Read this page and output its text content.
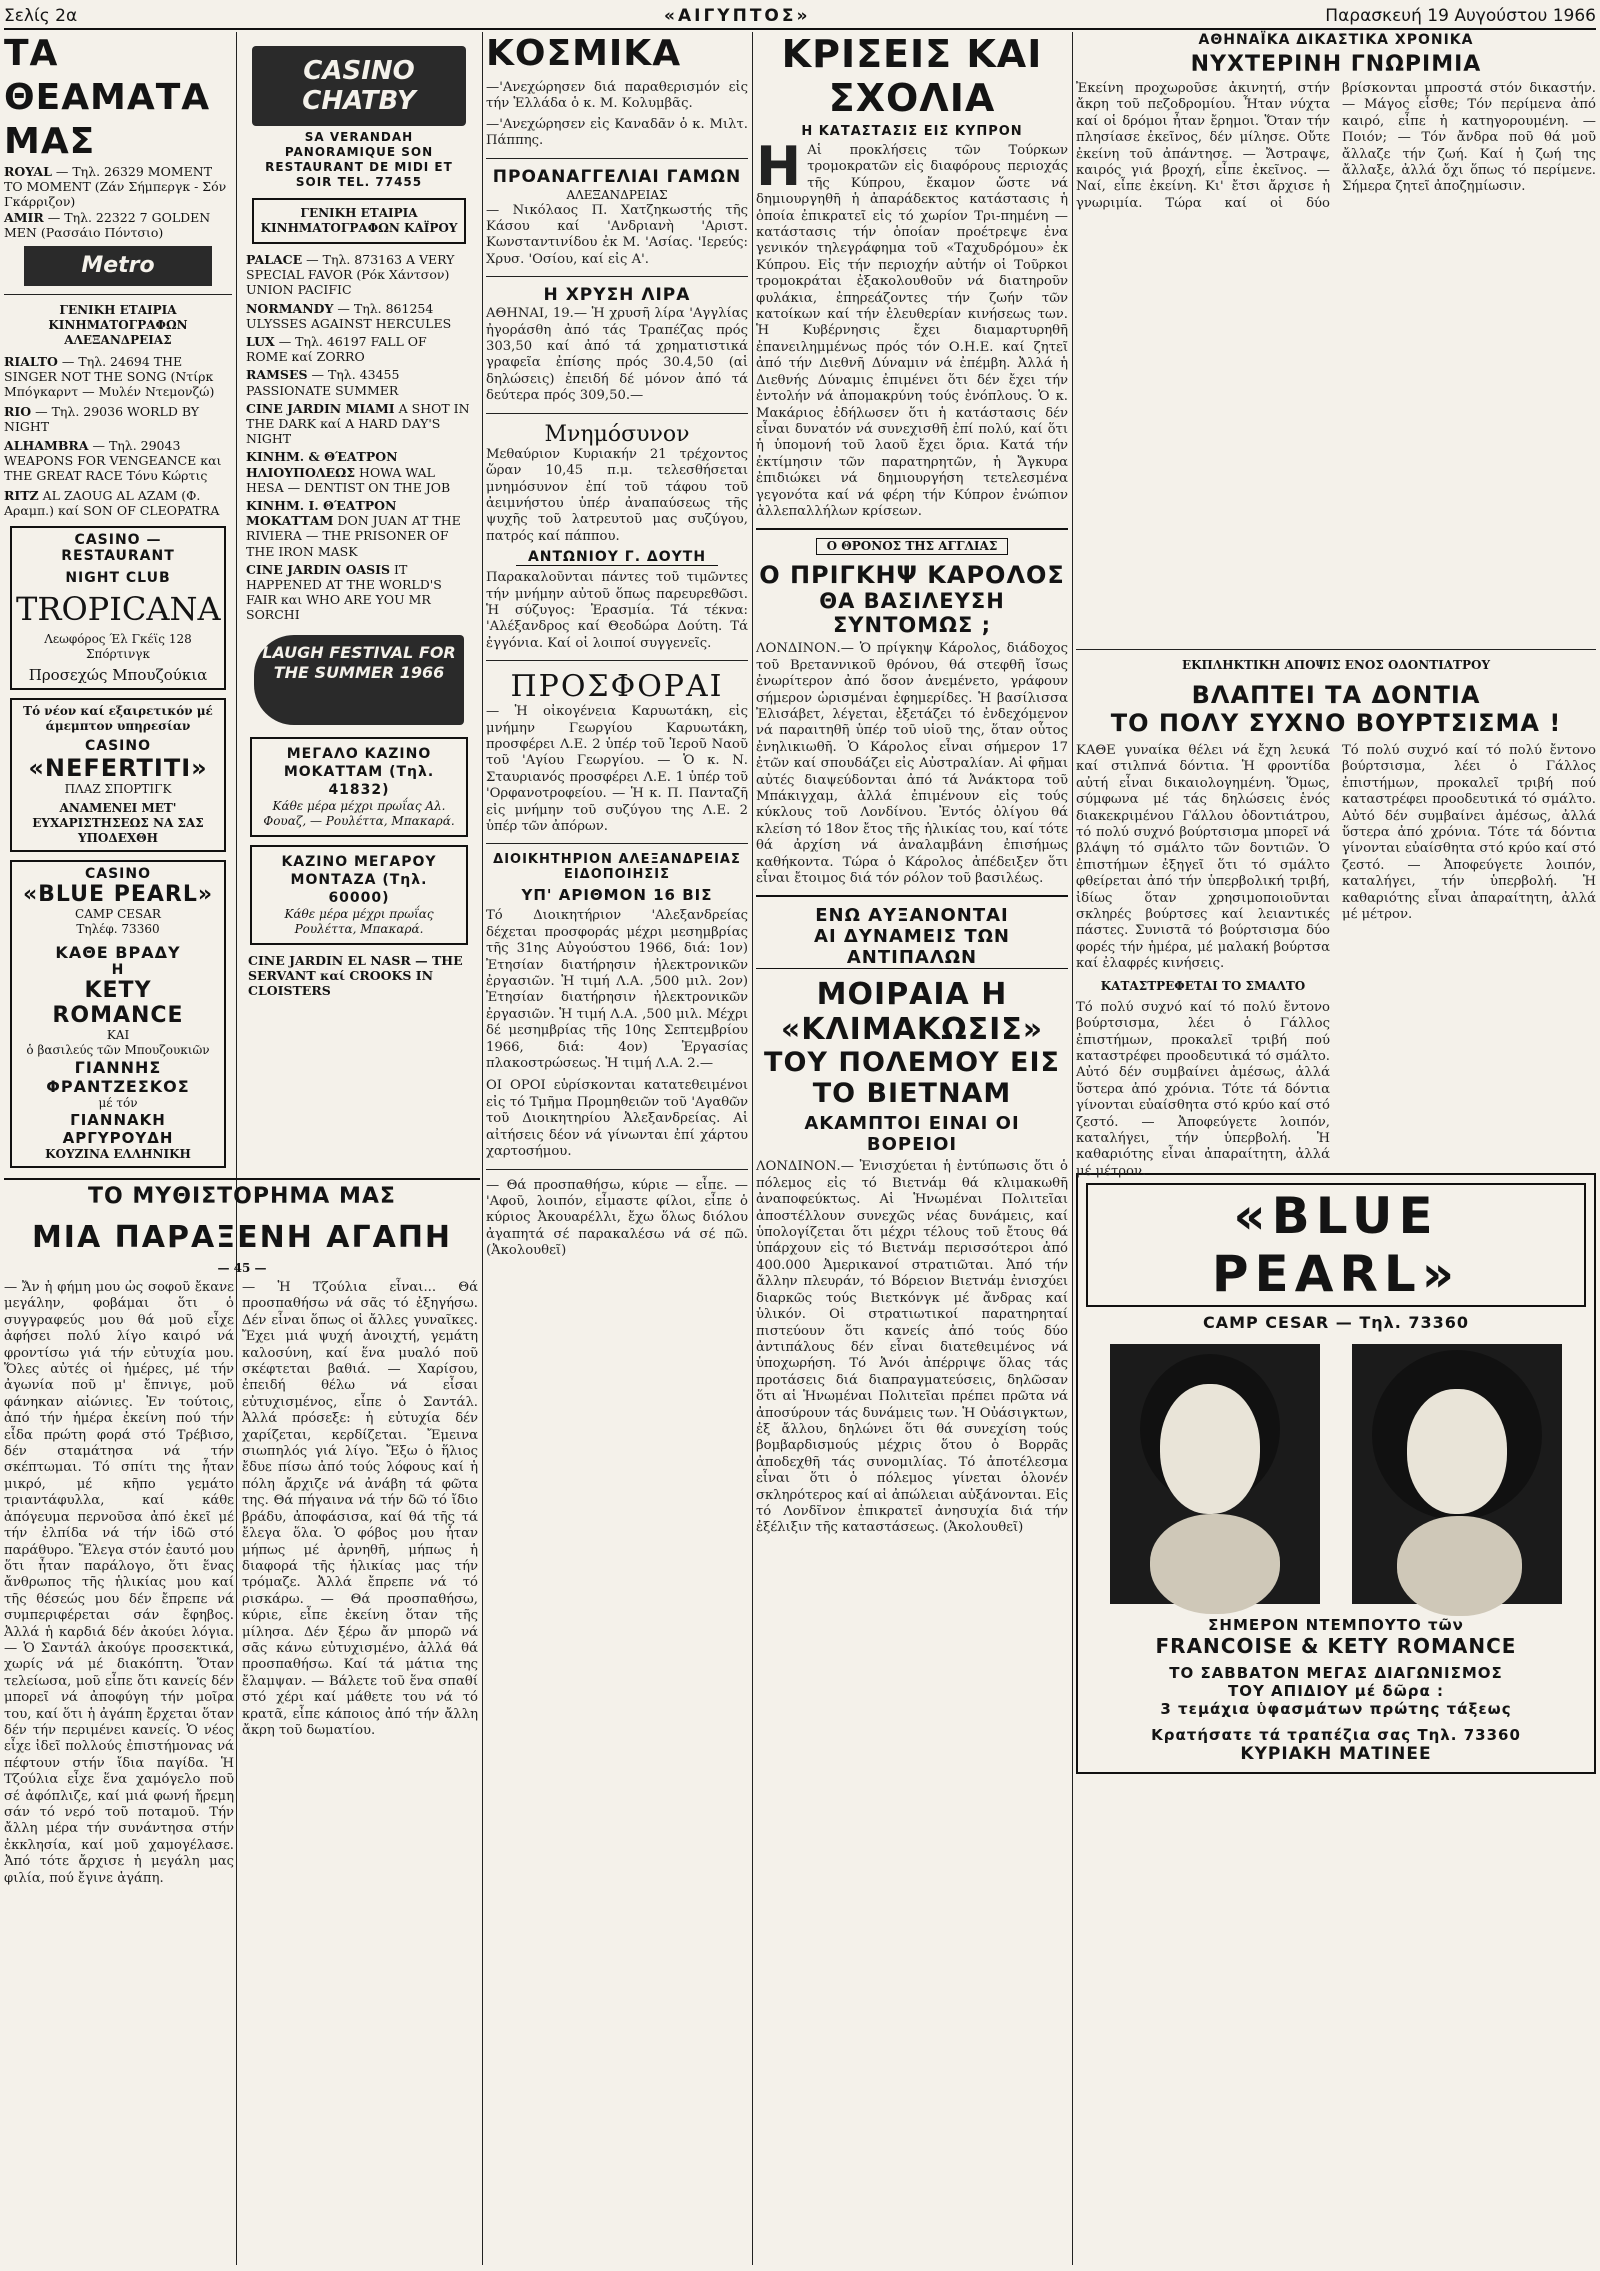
Σελίς 2α	«ΑΙΓΥΠΤΟΣ»	Παρασκευή 19 Αυγούστου 1966
ΤΑ ΘΕΑΜΑΤΑ ΜΑΣ
ROYAL — Τηλ. 26329 MOMENT TO MOMENT (Ζάν Σήμπεργκ - Σόν Γκάρριζον)
AMIR — Τηλ. 22322 7 GOLDEN MEN (Ρασσάιο Πόντσιο)
Metro
ΓΕΝΙΚΗ ΕΤΑΙΡΙΑ ΚΙΝΗΜΑΤΟΓΡΑΦΩΝ ΑΛΕΞΑΝΔΡΕΙΑΣ
RIALTO — Τηλ. 24694 THE SINGER NOT THE SONG (Ντίρκ Μπόγκαρντ — Μυλέν Ντεμονζώ)
RIO — Τηλ. 29036 WORLD BY NIGHT
ALHAMBRA — Τηλ. 29043 WEAPONS FOR VENGEANCE και THE GREAT RACE Τόνυ Κώρτις
RITZ AL ZAOUG AL AZAM (Φ. Αραμπ.) καί SON OF CLEOPATRA
CASINO — RESTAURANT
NIGHT CLUB
TROPICANA
Λεωφόρος Έλ Γκέϊς 128 Σπόρτινγκ
Προσεχώς Μπουζούκια
Τό νέον καί εξαιρετικόν μέ άμεμπτον υπηρεσίαν
CASINO
«NEFERTITI»
ΠΛΑΖ ΣΠΟΡΤΙΓΚ
ΑΝΑΜΕΝΕΙ ΜΕΤ' ΕΥΧΑΡΙΣΤΗΣΕΩΣ ΝΑ ΣΑΣ ΥΠΟΔΕΧΘΗ
CASINO
«BLUE PEARL»
CAMP CESAR
Τηλέφ. 73360
ΚΑΘΕ ΒΡΑΔΥ
Η
KETY ROMANCE
ΚΑΙ
ὁ βασιλεύς τῶν Μπουζουκιῶν
ΓΙΑΝΝΗΣ ΦΡΑΝΤΖΕΣΚΟΣ
μέ τόν
ΓΙΑΝΝΑΚΗ ΑΡΓΥΡΟΥΔΗ
ΚΟΥΖΙΝΑ ΕΛΛΗΝΙΚΗ
CASINO CHATBY
SA VERANDAH PANORAMIQUE SON RESTAURANT DE MIDI ET SOIR TEL. 77455
ΓΕΝΙΚΗ ΕΤΑΙΡΙΑ ΚΙΝΗΜΑΤΟΓΡΑΦΩΝ ΚΑΪΡΟΥ
PALACE — Τηλ. 873163 A VERY SPECIAL FAVOR (Ρόκ Χάντσον) UNION PACIFIC
NORMANDY — Τηλ. 861254 ULYSSES AGAINST HERCULES
LUX — Τηλ. 46197 FALL OF ROME καί ZORRO
RAMSES — Τηλ. 43455 PASSIONATE SUMMER
CINE JARDIN MIAMI A SHOT IN THE DARK καί A HARD DAY'S NIGHT
ΚΙΝΗΜ. & ΘΈΑΤΡΟΝ ΗΛΙΟΥΠΟΛΕΩΣ HOWA WAL HESA — DENTIST ON THE JOB
ΚΙΝΗΜ. Ι. ΘΈΑΤΡΟΝ ΜΟΚΑΤΤΑΜ DON JUAN AT THE RIVIERA — THE PRISONER OF THE IRON MASK
CINE JARDIN OASIS IT HAPPENED AT THE WORLD'S FAIR και WHO ARE YOU MR SORCHI
LAUGH FESTIVAL FOR THE SUMMER 1966
ΜΕΓΑΛΟ ΚΑΖΙΝΟ ΜΟΚΑΤΤΑΜ (Τηλ. 41832)
Κάθε μέρα μέχρι πρωΐας Αλ. Φουαζ, — Ρουλέττα, Μπακαρά.
ΚΑΖΙΝΟ ΜΕΓΑΡΟΥ ΜΟΝΤΑΖΑ (Τηλ. 60000)
Κάθε μέρα μέχρι πρωΐας Ρουλέττα, Μπακαρά.
CINE JARDIN EL NASR — THE SERVANT καί CROOKS IN CLOISTERS
ΤΟ ΜΥΘΙΣΤΟΡΗΜΑ ΜΑΣ
ΜΙΑ ΠΑΡΑΞΕΝΗ ΑΓΑΠΗ
— 45 —
— Ἄν ἡ φήμη μου ὡς σοφοῦ ἔκανε μεγάλην, φοβάμαι ὅτι ὁ συγγραφεύς μου θά μοῦ εἶχε ἀφήσει πολύ λίγο καιρό νά φροντίσω γιά τήν εὐτυχία μου. Ὅλες αὐτές οἱ ἡμέρες, μέ τήν ἀγωνία ποῦ μ' ἔπνιγε, μοῦ φάνηκαν αἰώνιες. Ἐν τούτοις, ἀπό τήν ἡμέρα ἐκείνη πού τήν εἶδα πρώτη φορά στό Τρέβισο, δέν σταμάτησα νά τήν σκέπτωμαι. Τό σπίτι της ἦταν μικρό, μέ κῆπο γεμάτο τριαντάφυλλα, καί κάθε ἀπόγευμα περνοῦσα ἀπό ἐκεῖ μέ τήν ἐλπίδα νά τήν ἰδῶ στό παράθυρο. Ἔλεγα στόν ἑαυτό μου ὅτι ἦταν παράλογο, ὅτι ἕνας ἄνθρωπος τῆς ἡλικίας μου καί τῆς θέσεώς μου δέν ἔπρεπε νά συμπεριφέρεται σάν ἔφηβος. Ἀλλά ἡ καρδιά δέν ἀκούει λόγια. — Ὁ Σαντάλ ἀκούγε προσεκτικά, χωρίς νά μέ διακόπτη. Ὅταν τελείωσα, μοῦ εἶπε ὅτι κανείς δέν μπορεῖ νά ἀποφύγη τήν μοῖρα του, καί ὅτι ἡ ἀγάπη ἔρχεται ὅταν δέν τήν περιμένει κανείς. Ὁ νέος εἶχε ἰδεῖ πολλούς ἐπιστήμονας νά πέφτουν στήν ἴδια παγίδα. Ἡ Τζούλια εἶχε ἕνα χαμόγελο ποῦ σέ ἀφόπλιζε, καί μιά φωνή ἤρεμη σάν τό νερό τοῦ ποταμοῦ. Τήν ἄλλη μέρα τήν συνάντησα στήν ἐκκλησία, καί μοῦ χαμογέλασε. Ἀπό τότε ἄρχισε ἡ μεγάλη μας φιλία, πού ἔγινε ἀγάπη.
— Ἡ Τζούλια εἶναι... Θά προσπαθήσω νά σᾶς τό ἐξηγήσω. Δέν εἶναι ὅπως οἱ ἄλλες γυναῖκες. Ἔχει μιά ψυχή ἀνοιχτή, γεμάτη καλοσύνη, καί ἕνα μυαλό ποῦ σκέφτεται βαθιά. — Χαρίσου, ἐπειδή θέλω νά εἶσαι εὐτυχισμένος, εἶπε ὁ Σαντάλ. Ἀλλά πρόσεξε: ἡ εὐτυχία δέν χαρίζεται, κερδίζεται. Ἔμεινα σιωπηλός γιά λίγο. Ἔξω ὁ ἥλιος ἔδυε πίσω ἀπό τούς λόφους καί ἡ πόλη ἄρχιζε νά ἀνάβη τά φῶτα της. Θά πήγαινα νά τήν δῶ τό ἴδιο βράδυ, ἀποφάσισα, καί θά τῆς τά ἔλεγα ὅλα. Ὁ φόβος μου ἦταν μήπως μέ ἀρνηθῆ, μήπως ἡ διαφορά τῆς ἡλικίας μας τήν τρόμαζε. Ἀλλά ἔπρεπε νά τό ρισκάρω. — Θά προσπαθήσω, κύριε, εἶπε ἐκείνη ὅταν τῆς μίλησα. Δέν ξέρω ἄν μπορῶ νά σᾶς κάνω εὐτυχισμένο, ἀλλά θά προσπαθήσω. Καί τά μάτια της ἔλαμψαν. — Βάλετε τοῦ ἕνα σπαθί στό χέρι καί μάθετε του νά τό κρατᾶ, εἶπε κάποιος ἀπό τήν ἄλλη ἄκρη τοῦ δωματίου.
ΚΟΣΜΙΚΑ
—'Ανεχώρησεν διά παραθερισμόν εἰς τήν Ἑλλάδα ὁ κ. Μ. Κολυμβᾶς.
—'Ανεχώρησεν εἰς Καναδᾶν ὁ κ. Μιλτ. Πάππης.
ΠΡΟΑΝΑΓΓΕΛΙΑΙ ΓΑΜΩΝ
ΑΛΕΞΑΝΔΡΕΙΑΣ
— Νικόλαος Π. Χατζηκωστής τῆς Κάσου καί 'Ανδριανὴ 'Αριστ. Κωνσταντινίδου ἐκ Μ. 'Ασίας. 'Ιερεύς: Χρυσ. 'Οσίου, καί εἰς Α'.
Η ΧΡΥΣΗ ΛΙΡΑ
ΑΘΗΝΑΙ, 19.— Ἡ χρυσῆ λίρα 'Αγγλίας ἠγοράσθη ἀπό τάς Τραπέζας πρός 303,50 καί ἀπό τά χρηματιστικά γραφεῖα ἐπίσης πρός 30.4,50 (αἱ δηλώσεις) ἐπειδή δέ μόνον ἀπό τά δεύτερα πρός 309,50.—
Μνημόσυνον
Μεθαύριον Κυριακήν 21 τρέχοντος ὥραν 10,45 π.μ. τελεσθήσεται μνημόσυνον ἐπί τοῦ τάφου τοῦ ἀειμνήστου ὑπέρ ἀναπαύσεως τῆς ψυχῆς τοῦ λατρευτοῦ μας συζύγου, πατρός καί πάππου.
ΑΝΤΩΝΙΟΥ Γ. ΔΟΥΤΗ
Παρακαλοῦνται πάντες τοῦ τιμῶντες τήν μνήμην αὐτοῦ ὅπως παρευρεθῶσι. Ἡ σύζυγος: Ἐρασμία. Τά τέκνα: 'Αλέξανδρος καί Θεοδώρα Δούτη. Τά ἐγγόνια. Καί οἱ λοιποί συγγενεῖς.
ΠΡΟΣΦΟΡΑΙ
— Ἡ οἰκογένεια Καρυωτάκη, εἰς μνήμην Γεωργίου Καρυωτάκη, προσφέρει Λ.Ε. 2 ὑπέρ τοῦ Ἱεροῦ Ναοῦ τοῦ 'Αγίου Γεωργίου. — Ὁ κ. Ν. Σταυριανός προσφέρει Λ.Ε. 1 ὑπέρ τοῦ 'Ορφανοτροφείου. — Ἡ κ. Π. Πανταζῆ εἰς μνήμην τοῦ συζύγου της Λ.Ε. 2 ὑπέρ τῶν ἀπόρων.
ΔΙΟΙΚΗΤΗΡΙΟΝ ΑΛΕΞΑΝΔΡΕΙΑΣ
ΕΙΔΟΠΟΙΗΣΙΣ
ΥΠ' ΑΡΙΘΜΟΝ 16 ΒΙΣ
Τό Διοικητήριον 'Αλεξανδρείας δέχεται προσφοράς μέχρι μεσημβρίας τῆς 31ης Αὐγούστου 1966, διά: 1ον) Ἐτησίαν διατήρησιν ἠλεκτρονικῶν ἐργασιῶν. Ἡ τιμή Λ.Α. ,500 μιλ. 2ον) Ἐτησίαν διατήρησιν ἠλεκτρονικῶν ἐργασιῶν. Ἡ τιμή Λ.Α. ,500 μιλ. Μέχρι δέ μεσημβρίας τῆς 10ης Σεπτεμβρίου 1966, διά: 4ον) Ἐργασίας πλακοστρώσεως. Ἡ τιμή Λ.Α. 2.—
ΟΙ ΟΡΟΙ εὑρίσκονται κατατεθειμένοι εἰς τό Τμῆμα Προμηθειῶν τοῦ 'Αγαθῶν τοῦ Διοικητηρίου Ἀλεξανδρείας. Αἱ αἰτήσεις δέον νά γίνωνται ἐπί χάρτου χαρτοσήμου.
— Θά προσπαθήσω, κύριε — εἶπε. — 'Αφοῦ, λοιπόν, εἶμαστε φίλοι, εἶπε ὁ κύριος Ἀκουαρέλλι, ἔχω ὅλως διόλου ἀγαπητά σέ παρακαλέσω νά σέ πῶ. (Ἀκολουθεῖ)
ΚΡΙΣΕΙΣ ΚΑΙ ΣΧΟΛΙΑ
Η ΚΑΤΑΣΤΑΣΙΣ ΕΙΣ ΚΥΠΡΟΝ
Η Αἱ προκλήσεις τῶν Τούρκων τρομοκρατῶν εἰς διαφόρους περιοχάς τῆς Κύπρου, ἔκαμον ὥστε νά δημιουργηθῆ ἡ ἀπαράδεκτος κατάστασις ἡ ὁποία ἐπικρατεῖ εἰς τό χωρίον Τρι-πημένη — κατάστασις τήν ὁποίαν προέτρεψε ἐνα γενικόν τηλεγράφημα τοῦ «Ταχυδρόμου» ἐκ Κύπρου. Εἰς τήν περιοχήν αὐτήν οἱ Τοῦρκοι τρομοκράται ἐξακολουθοῦν νά διατηροῦν φυλάκια, ἐπηρεάζοντες τήν ζωήν τῶν κατοίκων καί τήν ἐλευθερίαν κινήσεως των. Ἡ Κυβέρνησις ἔχει διαμαρτυρηθῆ ἐπανειλημμένως πρός τόν Ο.Η.Ε. καί ζητεῖ ἀπό τήν Διεθνῆ Δύναμιν νά ἐπέμβη. Ἀλλά ἡ Διεθνής Δύναμις ἐπιμένει ὅτι δέν ἔχει τήν ἐντολήν νά ἀπομακρύνη τούς ἐνόπλους. Ὁ κ. Μακάριος ἐδήλωσεν ὅτι ἡ κατάστασις δέν εἶναι δυνατόν νά συνεχισθῆ ἐπί πολύ, καί ὅτι ἡ ὑπομονή τοῦ λαοῦ ἔχει ὅρια. Κατά τήν ἐκτίμησιν τῶν παρατηρητῶν, ἡ Ἄγκυρα ἐπιδιώκει νά δημιουργήση τετελεσμένα γεγονότα καί νά φέρη τήν Κύπρον ἐνώπιον ἀλλεπαλλήλων κρίσεων.
Ο ΘΡΟΝΟΣ ΤΗΣ ΑΓΓΛΙΑΣ
Ο ΠΡΙΓΚΗΨ ΚΑΡΟΛΟΣ
ΘΑ ΒΑΣΙΛΕΥΣΗ ΣΥΝΤΟΜΩΣ ;
ΛΟΝΔΙΝΟΝ.— Ὁ πρίγκηψ Κάρολος, διάδοχος τοῦ Βρεταννικοῦ θρόνου, θά στεφθῆ ἴσως ἐνωρίτερον ἀπό ὅσον ἀνεμένετο, γράφουν σήμερον ὡρισμέναι ἐφημερίδες. Ἡ βασίλισσα Ἐλισάβετ, λέγεται, ἐξετάζει τό ἐνδεχόμενον νά παραιτηθῆ ὑπέρ τοῦ υἱοῦ της, ὅταν οὗτος ἐνηλικιωθῆ. Ὁ Κάρολος εἶναι σήμερον 17 ἐτῶν καί σπουδάζει εἰς Αὐστραλίαν. Αἱ φῆμαι αὐτές διαψεύδονται ἀπό τά Ἀνάκτορα τοῦ Μπάκιγχαμ, ἀλλά ἐπιμένουν εἰς τούς κύκλους τοῦ Λονδίνου. Ἐντός ὀλίγου θά κλείση τό 18ον ἔτος τῆς ἡλικίας του, καί τότε θά ἀρχίση νά ἀναλαμβάνη ἐπισήμως καθήκοντα. Τώρα ὁ Κάρολος ἀπέδειξεν ὅτι εἶναι ἔτοιμος διά τόν ρόλον τοῦ βασιλέως.
ΕΝΩ ΑΥΞΑΝΟΝΤΑΙ
ΑΙ ΔΥΝΑΜΕΙΣ ΤΩΝ ΑΝΤΙΠΑΛΩΝ
ΜΟΙΡΑΙΑ Η «ΚΛΙΜΑΚΩΣΙΣ»
ΤΟΥ ΠΟΛΕΜΟΥ ΕΙΣ ΤΟ ΒΙΕΤΝΑΜ
ΑΚΑΜΠΤΟΙ ΕΙΝΑΙ ΟΙ ΒΟΡΕΙΟΙ
ΛΟΝΔΙΝΟΝ.— Ἐνισχύεται ἡ ἐντύπωσις ὅτι ὁ πόλεμος εἰς τό Βιετνάμ θά κλιμακωθῆ ἀναποφεύκτως. Αἱ Ἡνωμέναι Πολιτεῖαι ἀποστέλλουν συνεχῶς νέας δυνάμεις, καί ὑπολογίζεται ὅτι μέχρι τέλους τοῦ ἔτους θά ὑπάρχουν εἰς τό Βιετνάμ περισσότεροι ἀπό 400.000 Ἀμερικανοί στρατιῶται. Ἀπό τήν ἄλλην πλευράν, τό Βόρειον Βιετνάμ ἐνισχύει διαρκῶς τούς Βιετκόνγκ μέ ἄνδρας καί ὑλικόν. Οἱ στρατιωτικοί παρατηρηταί πιστεύουν ὅτι κανείς ἀπό τούς δύο ἀντιπάλους δέν εἶναι διατεθειμένος νά ὑποχωρήση. Τό Ἀνόι ἀπέρριψε ὅλας τάς προτάσεις διά διαπραγματεύσεις, δηλῶσαν ὅτι αἱ Ἡνωμέναι Πολιτεῖαι πρέπει πρῶτα νά ἀποσύρουν τάς δυνάμεις των. Ἡ Οὐάσιγκτων, ἐξ ἄλλου, δηλώνει ὅτι θά συνεχίση τούς βομβαρδισμούς μέχρις ὅτου ὁ Βορρᾶς ἀποδεχθῆ τάς συνομιλίας. Τό ἀποτέλεσμα εἶναι ὅτι ὁ πόλεμος γίνεται ὁλονέν σκληρότερος καί αἱ ἀπώλειαι αὐξάνονται. Εἰς τό Λονδῖνον ἐπικρατεῖ ἀνησυχία διά τήν ἐξέλιξιν τῆς καταστάσεως. (Ἀκολουθεῖ)
ΑΘΗΝΑΪΚΑ ΔΙΚΑΣΤΙΚΑ ΧΡΟΝΙΚΑ
ΝΥΧΤΕΡΙΝΗ ΓΝΩΡΙΜΙΑ
Ἐκείνη προχωροῦσε ἀκινητή, στήν ἄκρη τοῦ πεζοδρομίου. Ἦταν νύχτα καί οἱ δρόμοι ἦταν ἔρημοι. Ὅταν τήν πλησίασε ἐκεῖνος, δέν μίλησε. Οὔτε ἐκείνη τοῦ ἀπάντησε. — Ἄστραψε, καιρός γιά βροχή, εἶπε ἐκεῖνος. — Ναί, εἶπε ἐκείνη. Κι' ἔτσι ἄρχισε ἡ γνωριμία. Τώρα καί οἱ δύο βρίσκονται μπροστά στόν δικαστήν. — Μάγος εἶσθε; Τόν περίμενα ἀπό καιρό, εἶπε ἡ κατηγορουμένη. — Ποιόν; — Τόν ἄνδρα ποῦ θά μοῦ ἄλλαζε τήν ζωή. Καί ἡ ζωή της ἄλλαξε, ἀλλά ὄχι ὅπως τό περίμενε. Σήμερα ζητεῖ ἀποζημίωσιν.
ΕΚΠΛΗΚΤΙΚΗ ΑΠΟΨΙΣ ΕΝΟΣ ΟΔΟΝΤΙΑΤΡΟΥ
ΒΛΑΠΤΕΙ ΤΑ ΔΟΝΤΙΑ
ΤΟ ΠΟΛΥ ΣΥΧΝΟ ΒΟΥΡΤΣΙΣΜΑ !
ΚΑΘΕ γυναίκα θέλει νά ἔχη λευκά καί στιλπνά δόντια. Ἡ φροντίδα αὐτή εἶναι δικαιολογημένη. Ὅμως, σύμφωνα μέ τάς δηλώσεις ἑνός διακεκριμένου Γάλλου ὀδοντιάτρου, τό πολύ συχνό βούρτσισμα μπορεῖ νά βλάψη τό σμάλτο τῶν δοντιῶν. Ὁ ἐπιστήμων ἐξηγεῖ ὅτι τό σμάλτο φθείρεται ἀπό τήν ὑπερβολική τριβή, ἰδίως ὅταν χρησιμοποιοῦνται σκληρές βούρτσες καί λειαντικές πάστες. Συνιστᾶ τό βούρτσισμα δύο φορές τήν ἡμέρα, μέ μαλακή βούρτσα καί ἐλαφρές κινήσεις.
ΚΑΤΑΣΤΡΕΦΕΤΑΙ ΤΟ ΣΜΑΛΤΟ
Τό πολύ συχνό καί τό πολύ ἔντονο βούρτσισμα, λέει ὁ Γάλλος ἐπιστήμων, προκαλεῖ τριβή πού καταστρέφει προοδευτικά τό σμάλτο. Αὐτό δέν συμβαίνει ἀμέσως, ἀλλά ὕστερα ἀπό χρόνια. Τότε τά δόντια γίνονται εὐαίσθητα στό κρύο καί στό ζεστό. — Ἀποφεύγετε λοιπόν, καταλήγει, τήν ὑπερβολή. Ἡ καθαριότης εἶναι ἀπαραίτητη, ἀλλά μέ μέτρον.
Τό πολύ συχνό καί τό πολύ ἔντονο βούρτσισμα, λέει ὁ Γάλλος ἐπιστήμων, προκαλεῖ τριβή πού καταστρέφει προοδευτικά τό σμάλτο. Αὐτό δέν συμβαίνει ἀμέσως, ἀλλά ὕστερα ἀπό χρόνια. Τότε τά δόντια γίνονται εὐαίσθητα στό κρύο καί στό ζεστό. — Ἀποφεύγετε λοιπόν, καταλήγει, τήν ὑπερβολή. Ἡ καθαριότης εἶναι ἀπαραίτητη, ἀλλά μέ μέτρον.
«BLUE PEARL»
CAMP CESAR — Τηλ. 73360
ΣΗΜΕΡΟΝ ΝΤΕΜΠΟΥΤΟ τῶν
FRANCOISE & KETY ROMANCE
ΤΟ ΣΑΒΒΑΤΟΝ ΜΕΓΑΣ ΔΙΑΓΩΝΙΣΜΟΣ
ΤΟΥ ΑΠΙΔΙΟΥ μέ δῶρα :
3 τεμάχια ὑφασμάτων πρώτης τάξεως
Κρατήσατε τά τραπέζια σας Τηλ. 73360
ΚΥΡΙΑΚΗ ΜΑΤΙΝΕΕ
